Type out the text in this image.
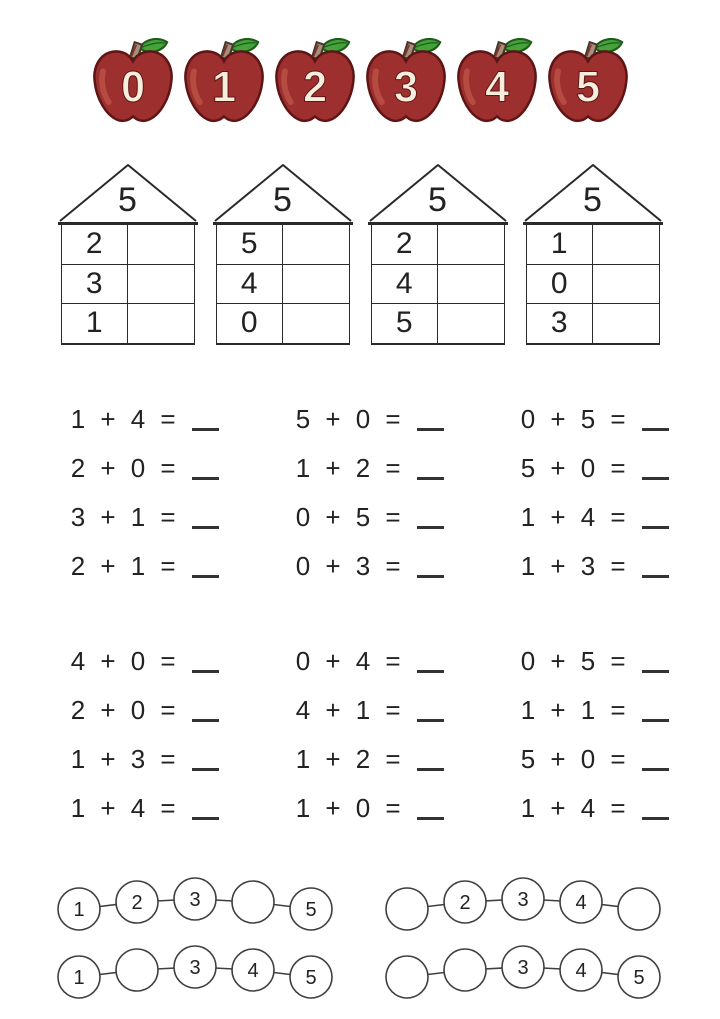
0 1 2 3 4 5
5
2
3
1
5
5
4
0
5
2
4
5
5
1
0
3
1 + 4 =
2 + 0 =
3 + 1 =
2 + 1 =
5 + 0 =
1 + 2 =
0 + 5 =
0 + 3 =
0 + 5 =
5 + 0 =
1 + 4 =
1 + 3 =
4 + 0 =
2 + 0 =
1 + 3 =
1 + 4 =
0 + 4 =
4 + 1 =
1 + 2 =
1 + 0 =
0 + 5 =
1 + 1 =
5 + 0 =
1 + 4 =
1 2 3	5	2 3 4
1	3 4 5	3 4 5
